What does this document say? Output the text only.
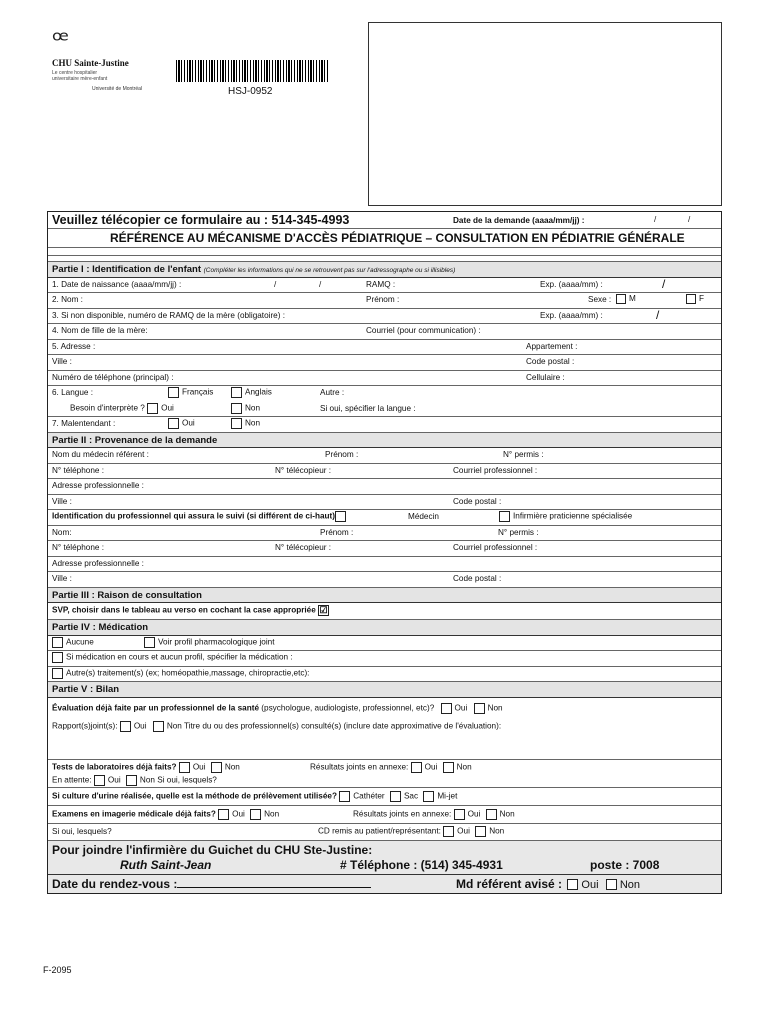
ꟹ
CHU Sainte-Justine
Le centre hospitalier universitaire mère-enfant
Université de Montréal	HSJ-0952
Veuillez télécopier ce formulaire au : 514-345-4993	Date de la demande (aaaa/mm/jj) :	/	/
RÉFÉRENCE AU MÉCANISME D'ACCÈS PÉDIATRIQUE – CONSULTATION EN PÉDIATRIE GÉNÉRALE
Partie I : Identification de l'enfant (Compléter les informations qui ne se retrouvent pas sur l'adressographe ou si illisibles)
1. Date de naissance (aaaa/mm/jj) :	/	/	RAMQ :	Exp. (aaaa/mm) :	/
2. Nom :	Prénom :	Sexe :	M	F
3. Si non disponible, numéro de RAMQ de la mère (obligatoire) :	Exp. (aaaa/mm) :	/
4. Nom de fille de la mère:	Courriel (pour communication) :
5. Adresse :	Appartement :
Ville :	Code postal :
Numéro de téléphone (principal) :	Cellulaire :
6. Langue :	Français	Anglais	Autre :
Besoin d'interprète ? Oui	Non	Si oui, spécifier la langue :
7. Malentendant :	Oui	Non
Partie II : Provenance de la demande
Nom du médecin référent :	Prénom :	N° permis :
N° téléphone :	N° télécopieur :	Courriel professionnel :
Adresse professionnelle :
Ville :	Code postal :
Identification du professionnel qui assura le suivi (si différent de ci-haut)	Médecin	Infirmière praticienne spécialisée
Nom:	Prénom :	N° permis :
N° téléphone :	N° télécopieur :	Courriel professionnel :
Adresse professionnelle :
Ville :	Code postal :
Partie III : Raison de consultation
SVP, choisir dans le tableau au verso en cochant la case appropriée ☑
Partie IV : Médication
Aucune	Voir profil pharmacologique joint
Si médication en cours et aucun profil, spécifier la médication :
Autre(s) traitement(s) (ex; homéopathie,massage, chiropractie,etc):
Partie V : Bilan
Évaluation déjà faite par un professionnel de la santé (psychologue, audiologiste, professionnel, etc)? Oui Non
Rapport(s)joint(s): Oui Non Titre du ou des professionnel(s) consulté(s) (inclure date approximative de l'évaluation):
Tests de laboratoires déjà faits? Oui Non	Résultats joints en annexe: Oui Non
En attente: Oui Non Si oui, lesquels?
Si culture d'urine réalisée, quelle est la méthode de prélèvement utilisée? Cathéter Sac Mi-jet
Examens en imagerie médicale déjà faits? Oui Non	Résultats joints en annexe: Oui Non
Si oui, lesquels?	CD remis au patient/représentant: Oui Non
Pour joindre l'infirmière du Guichet du CHU Ste-Justine:
Ruth Saint-Jean	# Téléphone : (514) 345-4931	poste : 7008
Date du rendez-vous :	Md référent avisé : Oui Non
F-2095
